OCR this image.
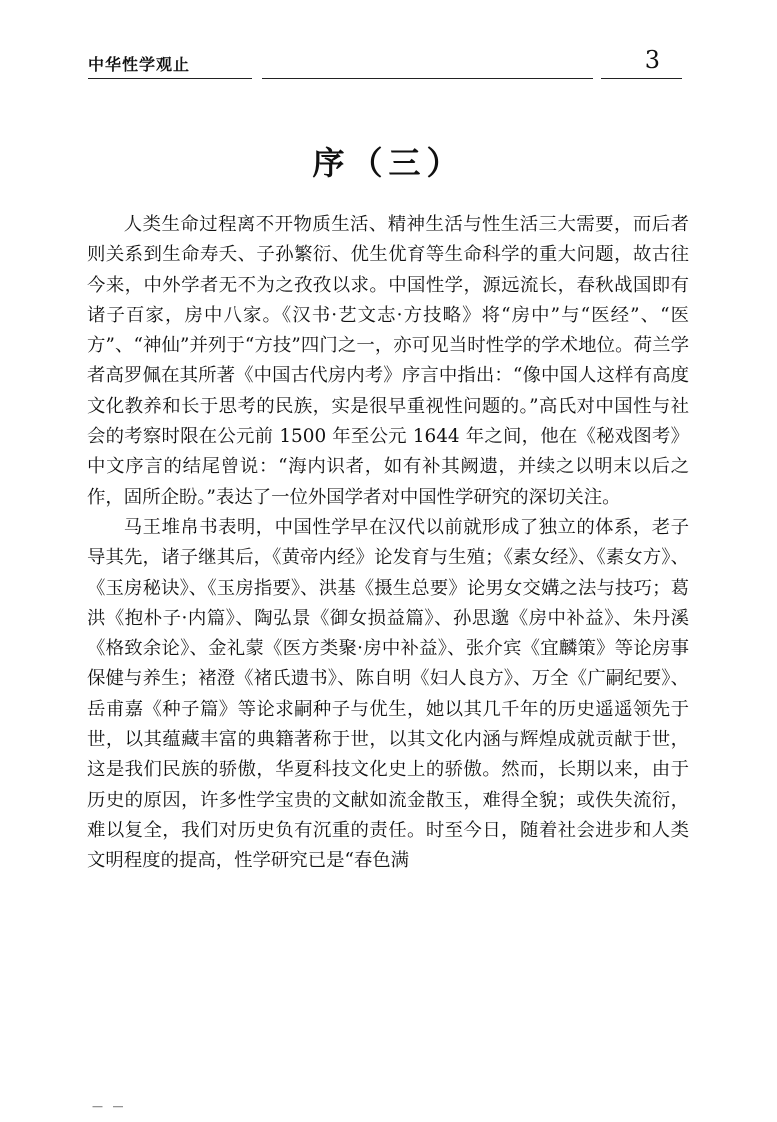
中华性学观止	3
序（三）

人类生命过程离不开物质生活、精神生活与性生活三大需要，而后者则关系到生命寿夭、子孙繁衍、优生优育等生命科学的重大问题，故古往今来，中外学者无不为之孜孜以求。中国性学，源远流长，春秋战国即有诸子百家，房中八家。《汉书·艺文志·方技略》将“房中”与“医经”、“医方”、“神仙”并列于“方技”四门之一，亦可见当时性学的学术地位。荷兰学者高罗佩在其所著《中国古代房内考》序言中指出：“像中国人这样有高度文化教养和长于思考的民族，实是很早重视性问题的。”高氏对中国性与社会的考察时限在公元前 1500 年至公元 1644 年之间，他在《秘戏图考》中文序言的结尾曾说：“海内识者，如有补其阙遗，并续之以明末以后之作，固所企盼。”表达了一位外国学者对中国性学研究的深切关注。

马王堆帛书表明，中国性学早在汉代以前就形成了独立的体系，老子导其先，诸子继其后，《黄帝内经》论发育与生殖；《素女经》、《素女方》、《玉房秘诀》、《玉房指要》、洪基《摄生总要》论男女交媾之法与技巧；葛洪《抱朴子·内篇》、陶弘景《御女损益篇》、孙思邈《房中补益》、朱丹溪《格致余论》、金礼蒙《医方类聚·房中补益》、张介宾《宜麟策》等论房事保健与养生；褚澄《褚氏遗书》、陈自明《妇人良方》、万全《广嗣纪要》、岳甫嘉《种子篇》等论求嗣种子与优生，她以其几千年的历史遥遥领先于世，以其蕴藏丰富的典籍著称于世，以其文化内涵与辉煌成就贡献于世，这是我们民族的骄傲，华夏科技文化史上的骄傲。然而，长期以来，由于历史的原因，许多性学宝贵的文献如流金散玉，难得全貌；或佚失流衍，难以复全，我们对历史负有沉重的责任。时至今日，随着社会进步和人类文明程度的提高，性学研究已是“春色满

— —
